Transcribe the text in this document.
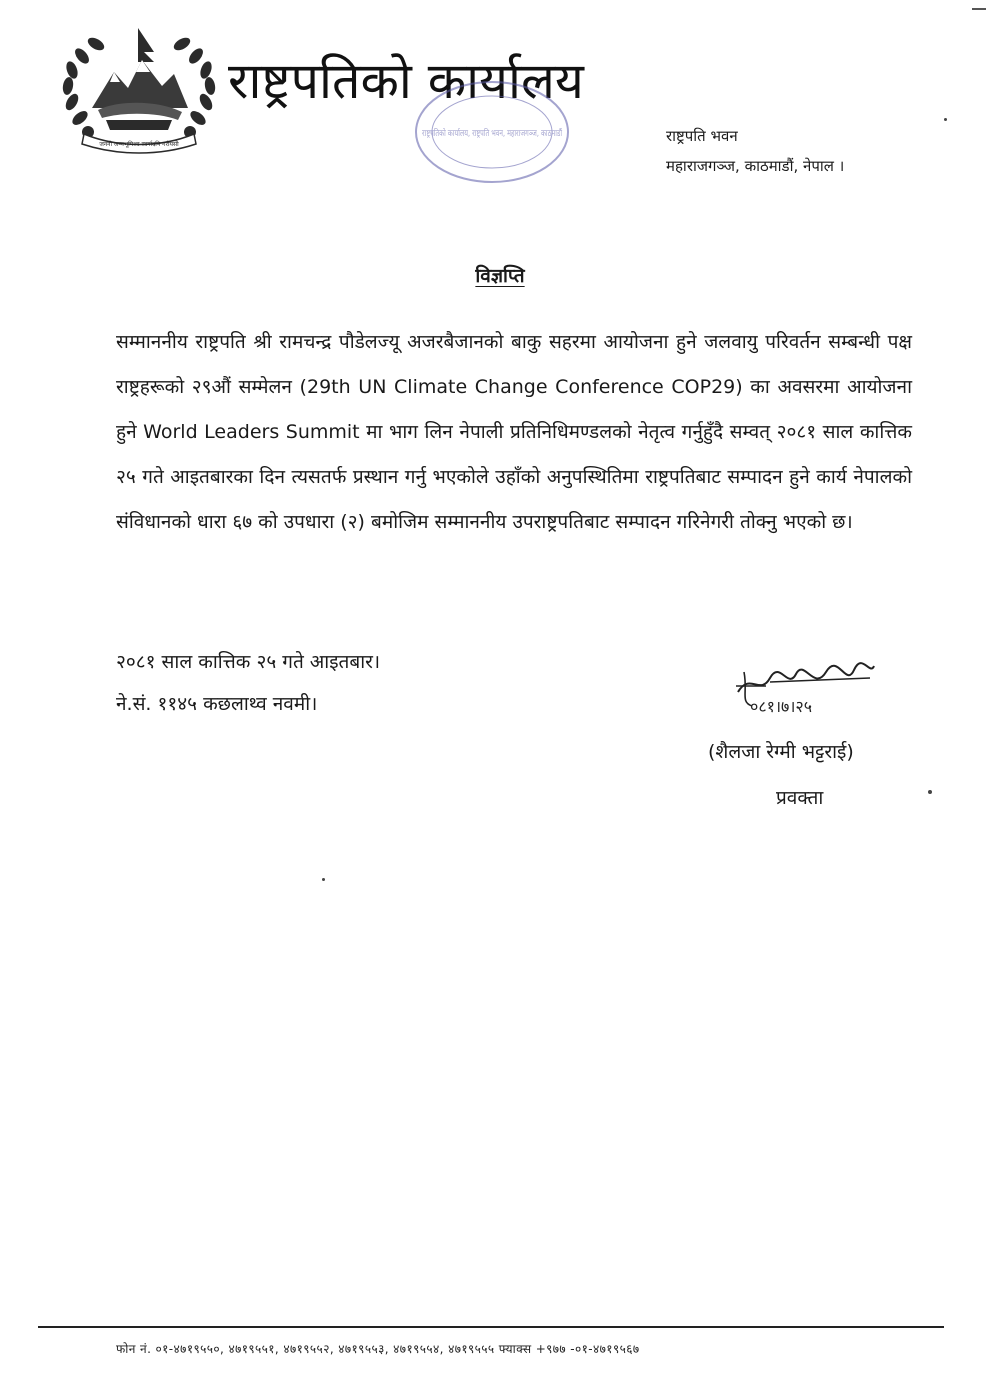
जननी जन्मभूमिश्च स्वर्गादपि गरीयसी
राष्ट्रपतिको कार्यालय
राष्ट्रपतिको कार्यालय, राष्ट्रपति भवन, महाराजगञ्ज, काठमाडौं	राष्ट्रपति भवन
महाराजगञ्ज, काठमाडौं, नेपाल ।
विज्ञप्ति
सम्माननीय राष्ट्रपति श्री रामचन्द्र पौडेलज्यू अजरबैजानको बाकु सहरमा आयोजना हुने जलवायु परिवर्तन सम्बन्धी पक्ष राष्ट्रहरूको २९औं सम्मेलन (29th UN Climate Change Conference COP29) का अवसरमा आयोजना हुने World Leaders Summit मा भाग लिन नेपाली प्रतिनिधिमण्डलको नेतृत्व गर्नुहुँदै सम्वत् २०८१ साल कात्तिक २५ गते आइतबारका दिन त्यसतर्फ प्रस्थान गर्नु भएकोले उहाँको अनुपस्थितिमा राष्ट्रपतिबाट सम्पादन हुने कार्य नेपालको संविधानको धारा ६७ को उपधारा (२) बमोजिम सम्माननीय उपराष्ट्रपतिबाट सम्पादन गरिनेगरी तोक्नु भएको छ।
२०८१ साल कात्तिक २५ गते आइतबार।
ने.सं. ११४५ कछलाथ्व नवमी।	०८१।७।२५
(शैलजा रेग्मी भट्टराई)
प्रवक्ता
फोन नं. ०१-४७१९५५०, ४७१९५५१, ४७१९५५२, ४७१९५५३, ४७१९५५४, ४७१९५५५ फ्याक्स +९७७ -०१-४७१९५६७
